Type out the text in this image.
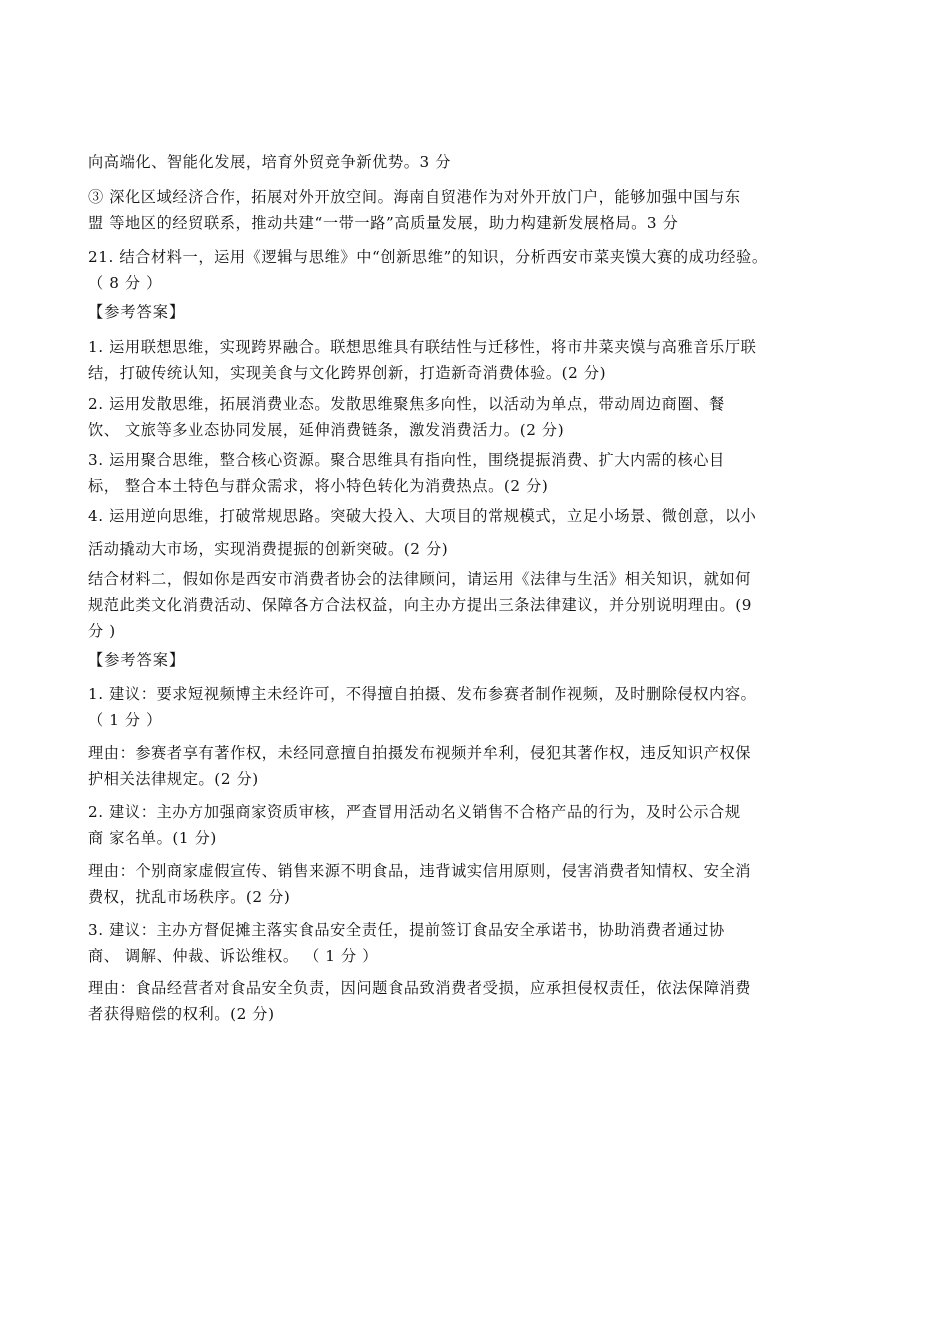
向高端化、智能化发展，培育外贸竞争新优势。3 分

③ 深化区域经济合作，拓展对外开放空间。海南自贸港作为对外开放门户，能够加强中国与东
盟 等地区的经贸联系，推动共建“一带一路”高质量发展，助力构建新发展格局。3 分

21. 结合材料一，运用《逻辑与思维》中“创新思维”的知识，分析西安市菜夹馍大赛的成功经验。
（ 8 分 ）

【参考答案】

1. 运用联想思维，实现跨界融合。联想思维具有联结性与迁移性，将市井菜夹馍与高雅音乐厅联
结，打破传统认知，实现美食与文化跨界创新，打造新奇消费体验。(2 分)

2. 运用发散思维，拓展消费业态。发散思维聚焦多向性，以活动为单点，带动周边商圈、餐
饮、 文旅等多业态协同发展，延伸消费链条，激发消费活力。(2 分)

3. 运用聚合思维，整合核心资源。聚合思维具有指向性，围绕提振消费、扩大内需的核心目
标， 整合本土特色与群众需求，将小特色转化为消费热点。(2 分)

4. 运用逆向思维，打破常规思路。突破大投入、大项目的常规模式，立足小场景、微创意，以小
活动撬动大市场，实现消费提振的创新突破。(2 分)

结合材料二，假如你是西安市消费者协会的法律顾问，请运用《法律与生活》相关知识，就如何
规范此类文化消费活动、保障各方合法权益，向主办方提出三条法律建议，并分别说明理由。(9
分 )

【参考答案】

1. 建议：要求短视频博主未经许可，不得擅自拍摄、发布参赛者制作视频，及时删除侵权内容。
（ 1 分 ）

理由：参赛者享有著作权，未经同意擅自拍摄发布视频并牟利，侵犯其著作权，违反知识产权保
护相关法律规定。(2 分)

2. 建议：主办方加强商家资质审核，严查冒用活动名义销售不合格产品的行为，及时公示合规
商 家名单。(1 分)

理由：个别商家虚假宣传、销售来源不明食品，违背诚实信用原则，侵害消费者知情权、安全消
费权，扰乱市场秩序。(2 分)

3. 建议：主办方督促摊主落实食品安全责任，提前签订食品安全承诺书，协助消费者通过协
商、 调解、仲裁、诉讼维权。 （ 1 分 ）

理由：食品经营者对食品安全负责，因问题食品致消费者受损，应承担侵权责任，依法保障消费
者获得赔偿的权利。(2 分)
